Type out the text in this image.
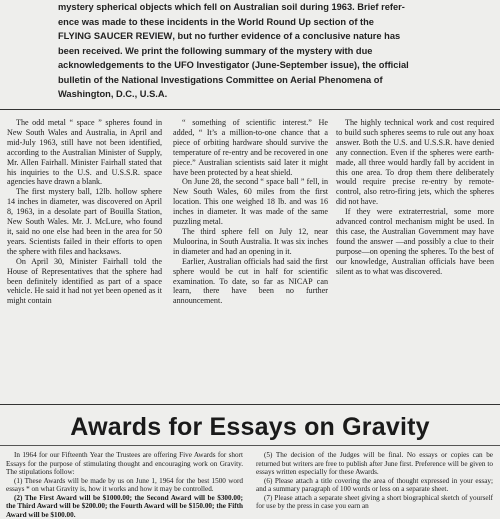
mystery spherical objects which fell on Australian soil during 1963. Brief refer-
ence was made to these incidents in the World Round Up section of the
FLYING SAUCER REVIEW, but no further evidence of a conclusive nature has
been received. We print the following summary of the mystery with due
acknowledgements to the UFO Investigator (June-September issue), the official
bulletin of the National Investigations Committee on Aerial Phenomena of
Washington, D.C., U.S.A.

The odd metal “ space ” spheres found in New South Wales and Australia, in April and mid-July 1963, still have not been identified, according to the Australian Minister of Supply, Mr. Allen Fairhall. Minister Fairhall stated that his inquiries to the U.S. and U.S.S.R. space agencies have drawn a blank.

The first mystery ball, 12lb. hollow sphere 14 inches in diameter, was discovered on April 8, 1963, in a desolate part of Bouilla Station, New South Wales. Mr. J. McLure, who found it, said no one else had been in the area for 50 years. Scientists failed in their efforts to open the sphere with files and hacksaws.

On April 30, Minister Fairhall told the House of Representatives that the sphere had been definitely identified as part of a space vehicle. He said it had not yet been opened as it might contain

“ something of scientific interest.” He added, “ It’s a million-to-one chance that a piece of orbiting hardware should survive the temperature of re-entry and be recovered in one piece.” Australian scientists said later it might have been protected by a heat shield.

On June 28, the second “ space ball ” fell, in New South Wales, 60 miles from the first location. This one weighed 18 lb. and was 16 inches in diameter. It was made of the same puzzling metal.

The third sphere fell on July 12, near Muloorina, in South Australia. It was six inches in diameter and had an opening in it.

Earlier, Australian officials had said the first sphere would be cut in half for scientific examination. To date, so far as NICAP can learn, there have been no further announcement.

The highly technical work and cost required to build such spheres seems to rule out any hoax answer. Both the U.S. and U.S.S.R. have denied any connection. Even if the spheres were earth-made, all three would hardly fall by accident in this one area. To drop them there deliberately would require precise re-entry by remote-control, also retro-firing jets, which the spheres did not have.

If they were extraterrestrial, some more advanced control mechanism might be used. In this case, the Australian Government may have found the answer —and possibly a clue to their purpose—on opening the spheres. To the best of our knowledge, Australian officials have been silent as to what was discovered.

Awards for Essays on Gravity

In 1964 for our Fifteenth Year the Trustees are offering Five Awards for short Essays for the purpose of stimulating thought and encouraging work on Gravity. The stipulations follow:

(1) These Awards will be made by us on June 1, 1964 for the best 1500 word essays * on what Gravity is, how it works and how it may be controlled.

(2) The First Award will be $1000.00; the Second Award will be $300.00; the Third Award will be $200.00; the Fourth Award will be $150.00; the Fifth Award will be $100.00.

(5) The decision of the Judges will be final. No essays or copies can be returned but writers are free to publish after June first. Preference will be given to essays written especially for these Awards.

(6) Please attach a title covering the area of thought expressed in your essay; and a summary paragraph of 100 words or less on a separate sheet.

(7) Please attach a separate sheet giving a short biographical sketch of yourself for use by the press in case you earn an
